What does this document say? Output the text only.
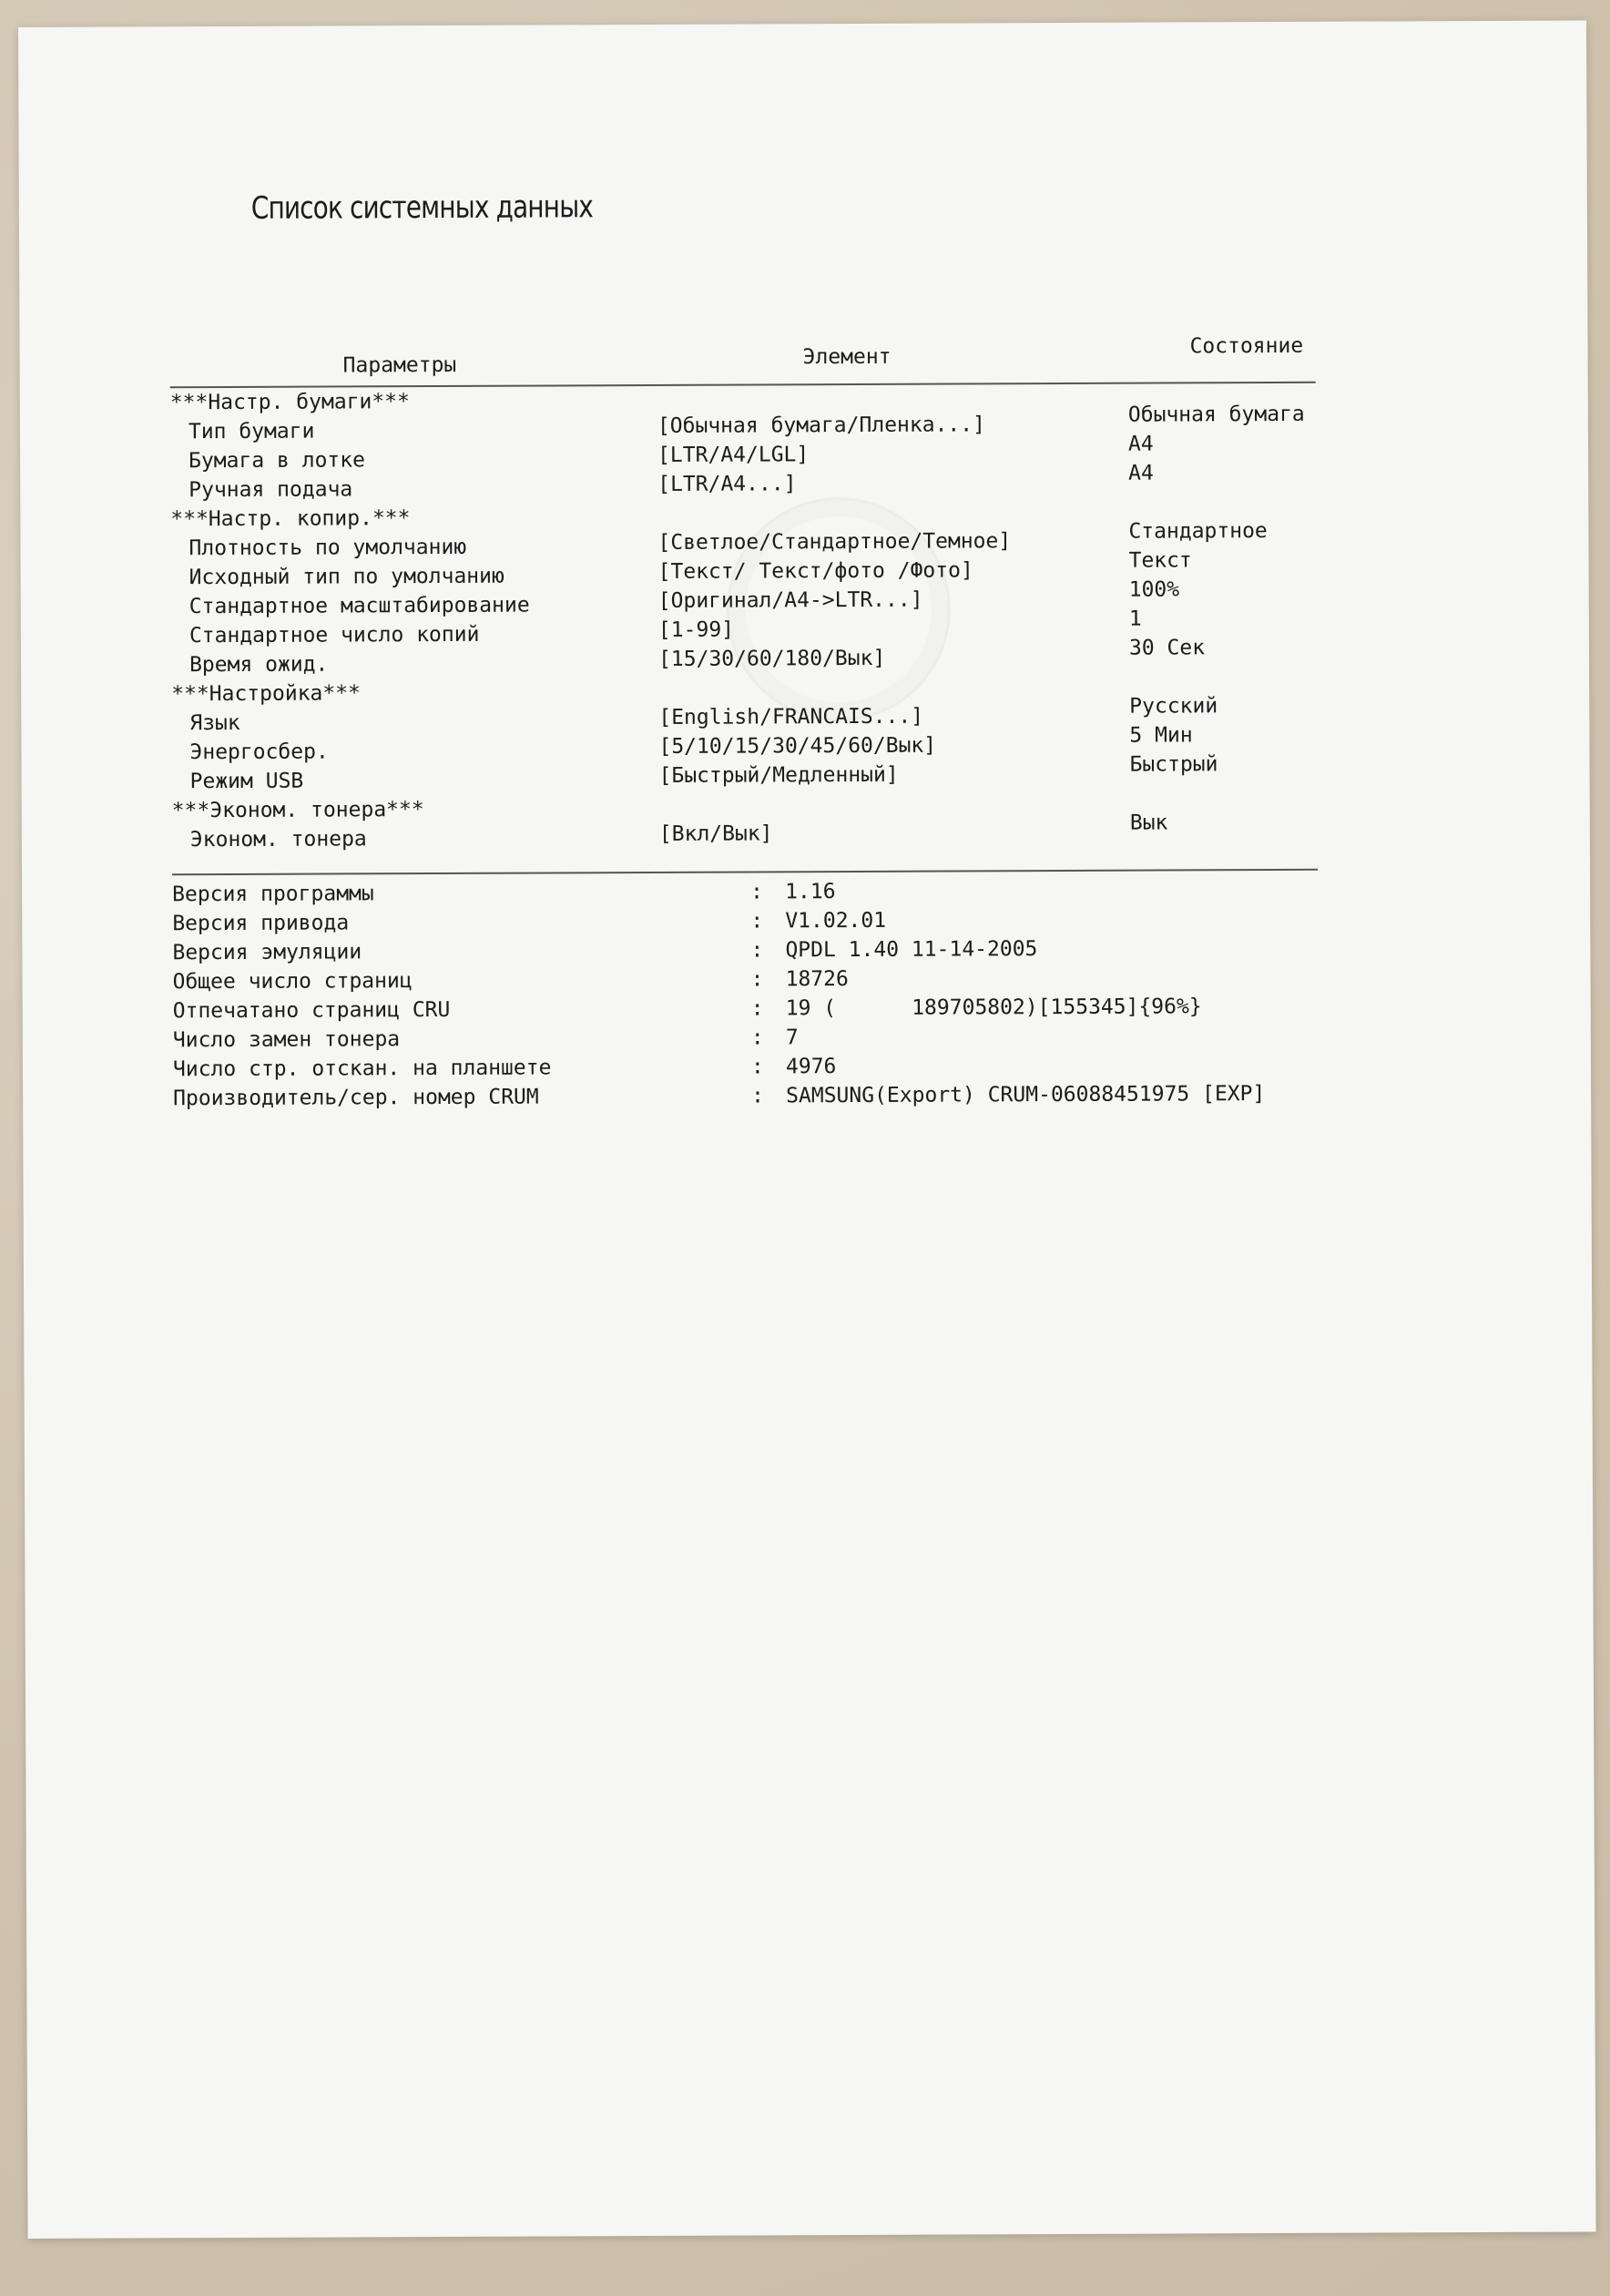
Список системных данных
Параметры	Элемент	Состояние
***Настр. бумаги***
Тип бумаги	[Обычная бумага/Пленка...]	Обычная бумага
Бумага в лотке	[LTR/A4/LGL]	A4
Ручная подача	[LTR/A4...]	A4
***Настр. копир.***
Плотность по умолчанию	[Светлое/Стандартное/Темное]	Стандартное
Исходный тип по умолчанию	[Текст/ Текст/фото /Фото]	Текст
Стандартное масштабирование	[Оригинал/A4->LTR...]	100%
Стандартное число копий	[1-99]	1
Время ожид.	[15/30/60/180/Вык]	30 Сек
***Настройка***
Язык	[English/FRANCAIS...]	Русский
Энергосбер.	[5/10/15/30/45/60/Вык]	5 Мин
Режим USB	[Быстрый/Медленный]	Быстрый
***Эконом. тонера***
Эконом. тонера	[Вкл/Вык]	Вык
Версия программы	: 1.16
Версия привода	: V1.02.01
Версия эмуляции	: QPDL 1.40 11-14-2005
Общее число страниц	: 18726
Отпечатано страниц CRU	: 19 (      189705802)[155345]{96%}
Число замен тонера	: 7
Число стр. отскан. на планшете	: 4976
Производитель/сер. номер CRUM	: SAMSUNG(Export) CRUM-06088451975 [EXP]
